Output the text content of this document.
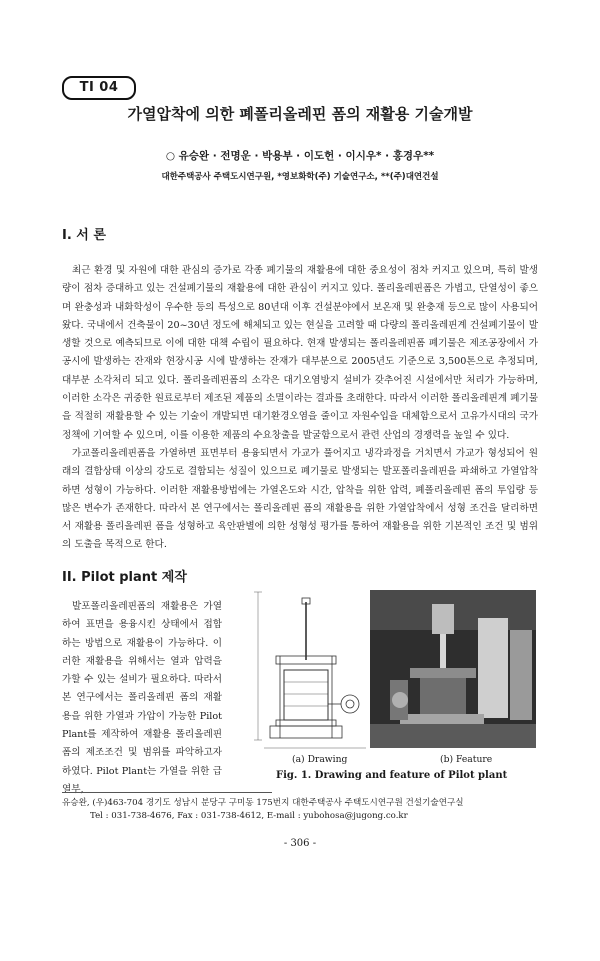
TI 04
가열압착에 의한 폐폴리올레핀 폼의 재활용 기술개발
○ 유승완 · 전명운 · 박용부 · 이도헌 · 이시우* · 홍경우**
대한주택공사 주택도시연구원, *영보화학(주) 기술연구소, **(주)대연건설
I. 서 론

최근 환경 및 자원에 대한 관심의 증가로 각종 폐기물의 재활용에 대한 중요성이 점차 커지고 있으며, 특히 발생량이 점차 증대하고 있는 건설폐기물의 재활용에 대한 관심이 커지고 있다. 폴리올레핀폼은 가볍고, 단열성이 좋으며 완충성과 내화학성이 우수한 등의 특성으로 80년대 이후 건설분야에서 보온재 및 완충재 등으로 많이 사용되어 왔다. 국내에서 건축물이 20~30년 정도에 해체되고 있는 현실을 고려할 때 다량의 폴리올레핀계 건설폐기물이 발생할 것으로 예측되므로 이에 대한 대책 수립이 필요하다. 현재 발생되는 폴리올레핀폼 폐기물은 제조공장에서 가공시에 발생하는 잔재와 현장시공 시에 발생하는 잔재가 대부분으로 2005년도 기준으로 3,500톤으로 추정되며, 대부분 소각처리 되고 있다. 폴리올레핀폼의 소각은 대기오염방지 설비가 갖추어진 시설에서만 처리가 가능하며, 이러한 소각은 귀중한 원료로부터 제조된 제품의 소멸이라는 결과를 초래한다. 따라서 이러한 폴리올레핀계 폐기물을 적절히 재활용할 수 있는 기술이 개발되면 대기환경오염을 줄이고 자원수입을 대체함으로서 고유가시대의 국가정책에 기여할 수 있으며, 이를 이용한 제품의 수요창출을 발굴함으로서 관련 산업의 경쟁력을 높일 수 있다.
가교폴리올레핀폼을 가열하면 표면부터 용융되면서 가교가 풀어지고 냉각과정을 거치면서 가교가 형성되어 원래의 결합상태 이상의 강도로 결합되는 성질이 있으므로 폐기물로 발생되는 발포폴리올레핀을 파쇄하고 가열압착하면 성형이 가능하다. 이러한 재활용방법에는 가열온도와 시간, 압착을 위한 압력, 폐폴리올레핀 폼의 투입량 등 많은 변수가 존재한다. 따라서 본 연구에서는 폴리올레핀 폼의 재활용을 위한 가열압착에서 성형 조건을 달리하면서 재활용 폴리올레핀 폼을 성형하고 육안판별에 의한 성형성 평가를 통하여 재활용을 위한 기본적인 조건 및 범위의 도출을 목적으로 한다.

II. Pilot plant 제작

발포폴리올레핀폼의 재활용은 가열하여 표면을 용융시킨 상태에서 접합하는 방법으로 재활용이 가능하다. 이러한 재활용을 위해서는 열과 압력을 가할 수 있는 설비가 필요하다. 따라서 본 연구에서는 폴리올레핀 폼의 재활용을 위한 가열과 가압이 가능한 Pilot Plant를 제작하여 재활용 폴리올레핀 폼의 제조조건 및 범위를 파악하고자 하였다. Pilot Plant는 가열을 위한 급열부,

(a) Drawing	(b) Feature
Fig. 1. Drawing and feature of Pilot plant
유승완, (우)463-704 경기도 성남시 분당구 구미동 175번지 대한주택공사 주택도시연구원 건설기술연구실
Tel : 031-738-4676, Fax : 031-738-4612, E-mail : yubohosa@jugong.co.kr
- 306 -
